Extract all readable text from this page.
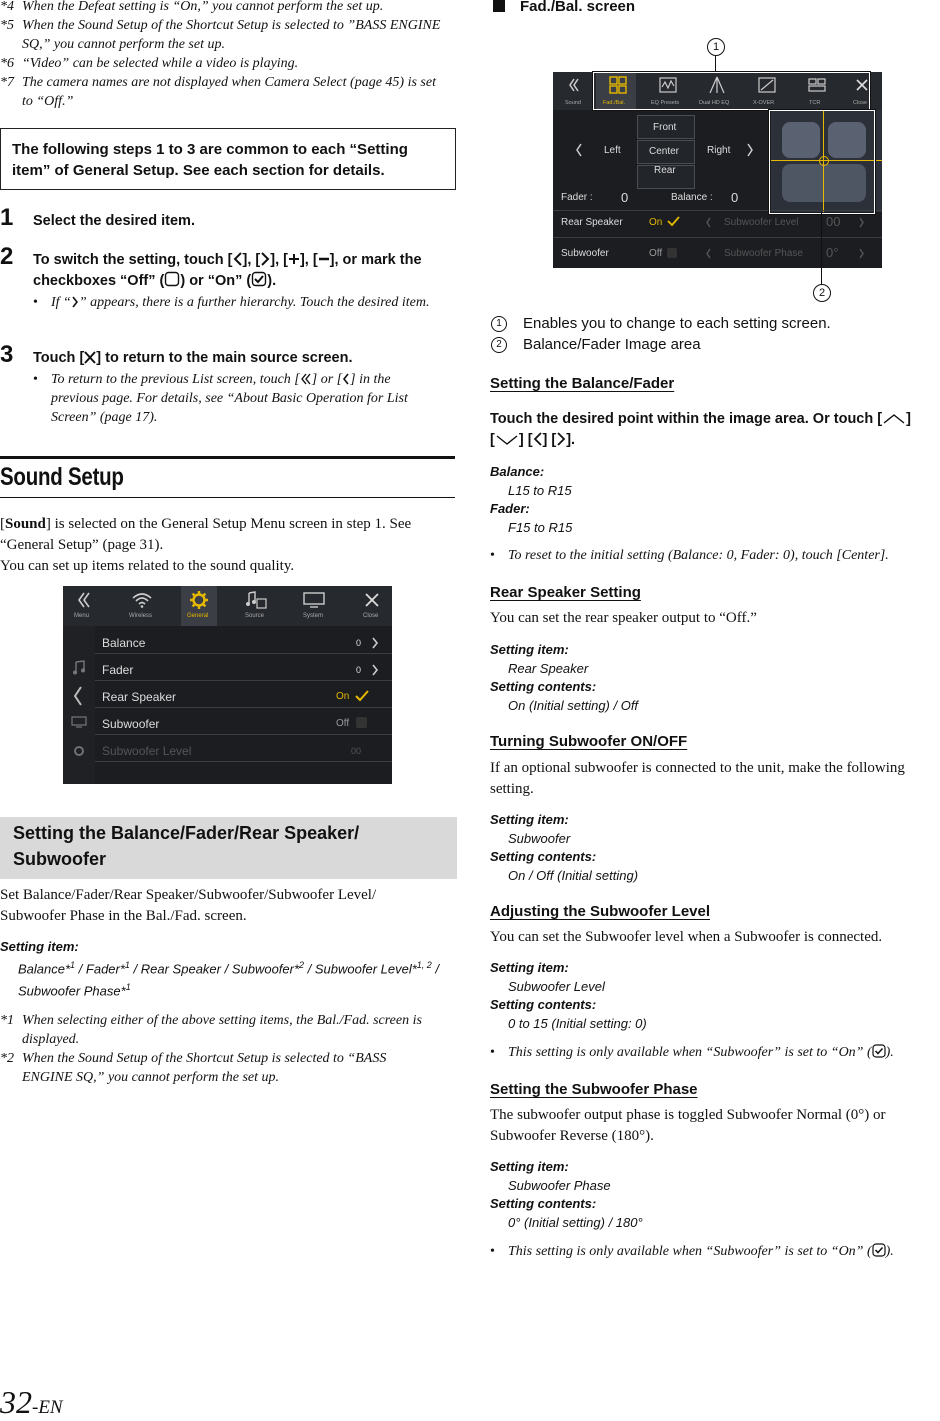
*4 When the Defeat setting is “On,” you cannot perform the set up.
*5 When the Sound Setup of the Shortcut Setup is selected to ”BASS ENGINE SQ,” you cannot perform the set up.
*6 “Video” can be selected while a video is playing.
*7 The camera names are not displayed when Camera Select (page 45) is set to “Off.”
The following steps 1 to 3 are common to each “Setting item” of General Setup. See each section for details.
1 Select the desired item.
2 To switch the setting, touch [ ], [ ], [ ], [ ], or mark the checkboxes “Off” ( ) or “On” ( ).
• If “ ” appears, there is a further hierarchy. Touch the desired item.
3 Touch [ ] to return to the main source screen.
• To return to the previous List screen, touch [ ] or [ ] in the previous page. For details, see “About Basic Operation for List Screen” (page 17).
Sound Setup
[Sound] is selected on the General Setup Menu screen in step 1. See “General Setup” (page 31).
You can set up items related to the sound quality.
Menu	Wireless	General	Source	System	Close
Balance	0
Fader	0
Rear Speaker	On
Subwoofer	Off
Subwoofer Level	00
Setting the Balance/Fader/Rear Speaker/ Subwoofer
Set Balance/Fader/Rear Speaker/Subwoofer/Subwoofer Level/ Subwoofer Phase in the Bal./Fad. screen.
Setting item:
Balance*$^1$ / Fader*$^1$ / Rear Speaker / Subwoofer*$^2$ / Subwoofer Level*$^{1, 2}$ /
Subwoofer Phase*$^1$
*1 When selecting either of the above setting items, the Bal./Fad. screen is displayed.
*2 When the Sound Setup of the Shortcut Setup is selected to “BASS ENGINE SQ,” you cannot perform the set up.
32-EN
Fad./Bal. screen
1
Sound	Fad./Bal.	EQ Presets	Dual HD EQ	X-OVER	TCR	Close
Front
Center
Rear
Left	Right
Fader : 0	Balance : 0
Rear Speaker	On	Subwoofer Level 00
Subwoofer	Off	Subwoofer Phase 0°
2
1	Enables you to change to each setting screen.
2	Balance/Fader Image area
Setting the Balance/Fader
Touch the desired point within the image area. Or touch [ ]
[ ] [ ] [ ].
Balance:
L15 to R15
Fader:
F15 to R15
• To reset to the initial setting (Balance: 0, Fader: 0), touch [Center].
Rear Speaker Setting
You can set the rear speaker output to “Off.”
Setting item:
Rear Speaker
Setting contents:
On (Initial setting) / Off
Turning Subwoofer ON/OFF
If an optional subwoofer is connected to the unit, make the following setting.
Setting item:
Subwoofer
Setting contents:
On / Off (Initial setting)
Adjusting the Subwoofer Level
You can set the Subwoofer level when a Subwoofer is connected.
Setting item:
Subwoofer Level
Setting contents:
0 to 15 (Initial setting: 0)
• This setting is only available when “Subwoofer” is set to “On” ( ).
Setting the Subwoofer Phase
The subwoofer output phase is toggled Subwoofer Normal (0°) or Subwoofer Reverse (180°).
Setting item:
Subwoofer Phase
Setting contents:
0° (Initial setting) / 180°
• This setting is only available when “Subwoofer” is set to “On” ( ).
